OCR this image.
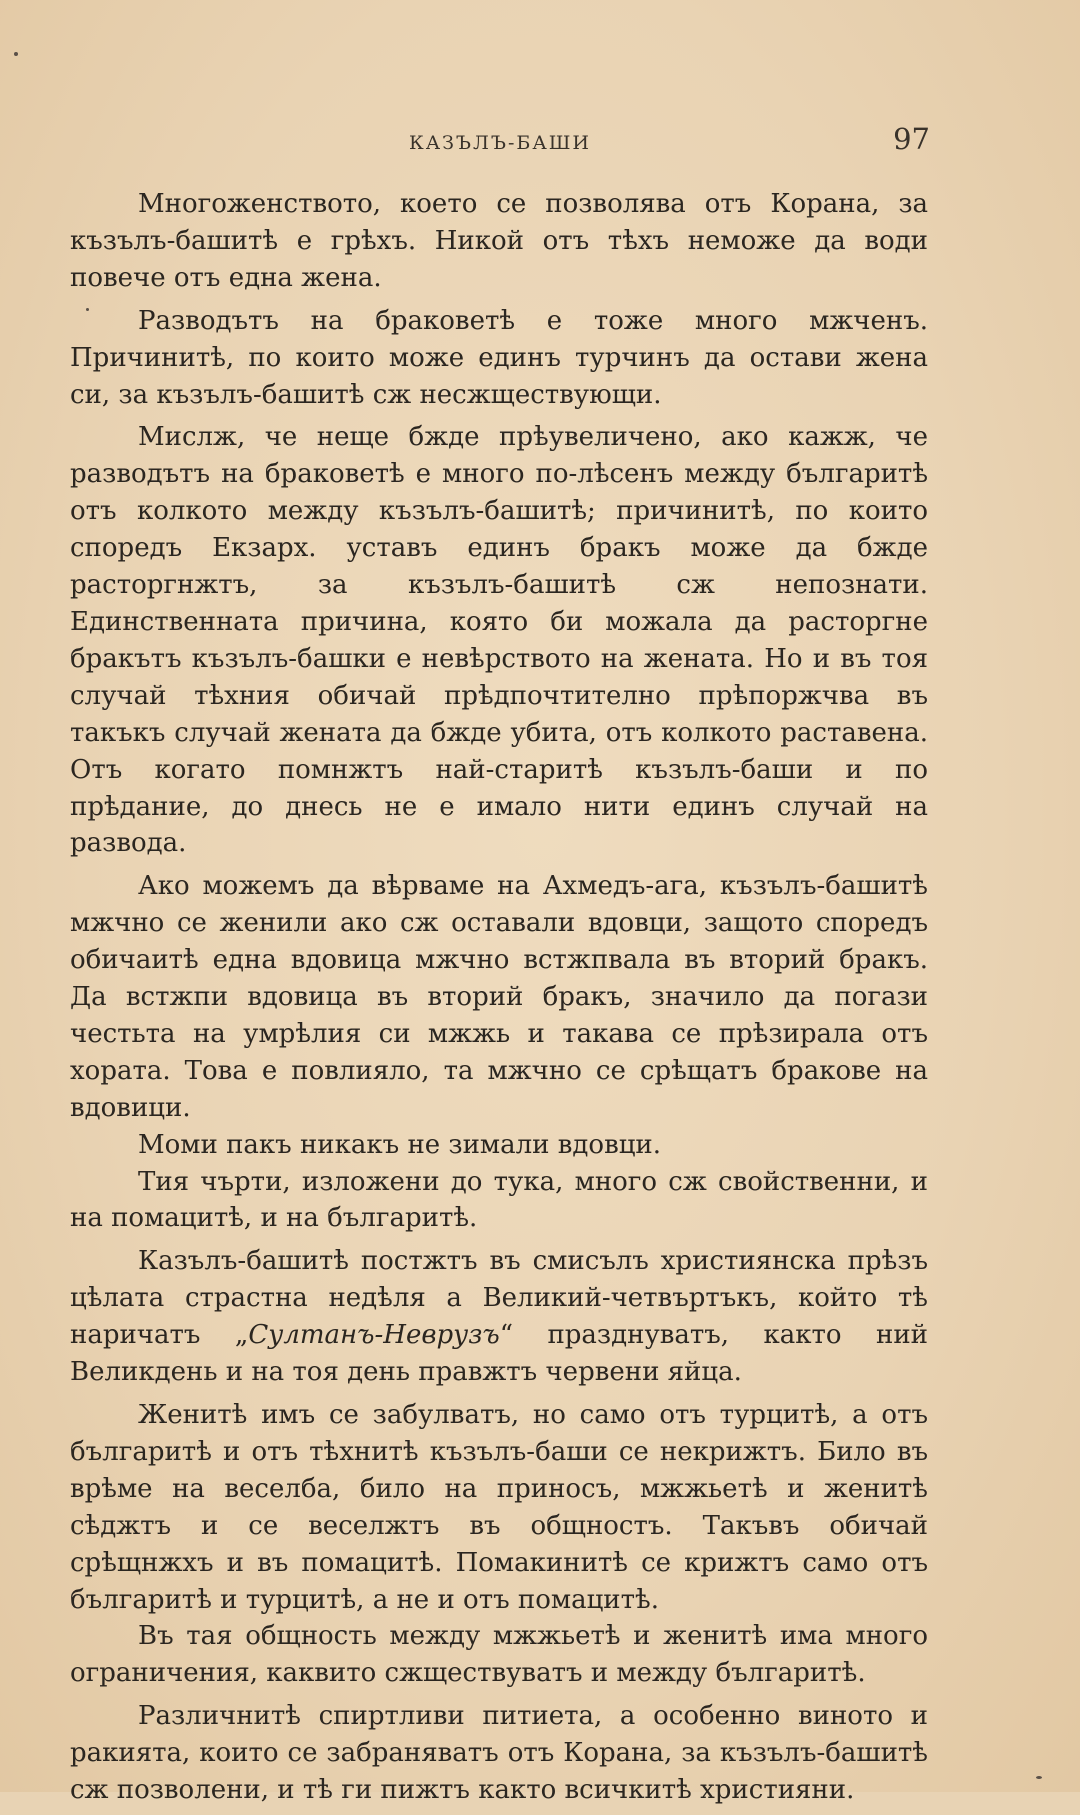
КАЗЪЛЪ-БАШИ	97

Многоженството, което се позволява отъ Корана, за къзълъ-башитѣ е грѣхъ. Никой отъ тѣхъ неможе да води повече отъ една жена.

Разводътъ на браковетѣ е тоже много мжченъ. Причинитѣ, по които може единъ турчинъ да остави жена си, за къзълъ-башитѣ сж несжществующи.

Мислж, че неще бжде прѣувеличено, ако кажж, че разводътъ на браковетѣ е много по-лѣсенъ между българитѣ отъ колкото между къзълъ-башитѣ; причинитѣ, по които споредъ Екзарх. уставъ единъ бракъ може да бжде расторгнжтъ, за къзълъ-башитѣ сж непознати. Единственната причина, която би можала да расторгне бракътъ къзълъ-башки е невѣрството на жената. Но и въ тоя случай тѣхния обичай прѣдпочтително прѣпоржчва въ такъкъ случай жената да бжде убита, отъ колкото раставена. Отъ когато помнжтъ най-старитѣ къзълъ-баши и по прѣдание, до днесь не е имало нити единъ случай на развода.

Ако можемъ да вѣрваме на Ахмедъ-ага, къзълъ-башитѣ мжчно се женили ако сж оставали вдовци, защото споредъ обичаитѣ една вдовица мжчно встжпвала въ вторий бракъ. Да встжпи вдовица въ вторий бракъ, значило да погази честьта на умрѣлия си мжжь и такава се прѣзирала отъ хората. Това е повлияло, та мжчно се срѣщатъ бракове на вдовици.

Моми пакъ никакъ не зимали вдовци.

Тия чърти, изложени до тука, много сж свойственни, и на помацитѣ, и на българитѣ.

Казълъ-башитѣ постжтъ въ смисълъ християнска прѣзъ цѣлата страстна недѣля а Великий-четвъртъкъ, който тѣ наричатъ „Султанъ-Неврузъ“ празднуватъ, както ний Великдень и на тоя день правжтъ червени яйца.

Женитѣ имъ се забулватъ, но само отъ турцитѣ, а отъ българитѣ и отъ тѣхнитѣ къзълъ-баши се некрижтъ. Било въ врѣме на веселба, било на приносъ, мжжьетѣ и женитѣ сѣджтъ и се веселжтъ въ общностъ. Такъвъ обичай срѣщнжхъ и въ помацитѣ. Помакинитѣ се крижтъ само отъ българитѣ и турцитѣ, а не и отъ помацитѣ.

Въ тая общность между мжжьетѣ и женитѣ има много ограничения, каквито сжществуватъ и между българитѣ.

Различнитѣ спиртливи питиета, а особенно виното и ракията, които се забраняватъ отъ Корана, за къзълъ-башитѣ сж позволени, и тѣ ги пижтъ както всичкитѣ християни.
